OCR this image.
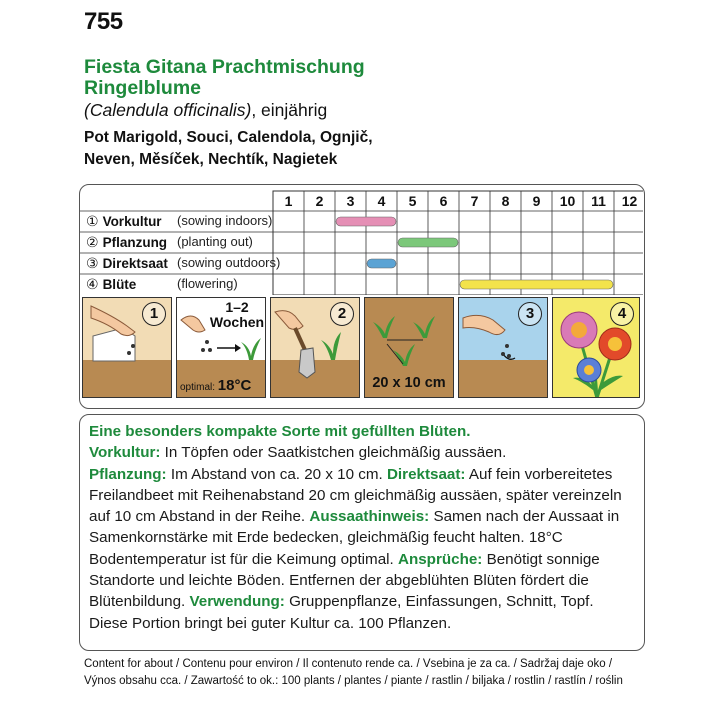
755
Fiesta Gitana Prachtmischung
Ringelblume
(Calendula officinalis), einjährig
Pot Marigold, Souci, Calendola, Ognjič,
Neven, Měsíček, Nechtík, Nagietek
1	2	3	4	5	6	7	8	9	10	11	12
① Vorkultur (sowing indoors)
② Pflanzung (planting out)
③ Direktsaat (sowing outdoors)
④ Blüte	(flowering)
1	1–2
Wochen
optimal: 18°C
2
20 x 10 cm
3	4
Eine besonders kompakte Sorte mit gefüllten Blüten.
Vorkultur: In Töpfen oder Saatkistchen gleichmäßig aussäen.
Pflanzung: Im Abstand von ca. 20 x 10 cm. Direktsaat: Auf fein vorbereitetes Freilandbeet mit Reihenabstand 20 cm gleichmäßig aussäen, später vereinzeln auf 10 cm Abstand in der Reihe. Aussaathinweis: Samen nach der Aussaat in Samenkornstärke mit Erde bedecken, gleichmäßig feucht halten. 18°C Bodentemperatur ist für die Keimung optimal. Ansprüche: Benötigt sonnige Standorte und leichte Böden. Entfernen der abgeblühten Blüten fördert die Blütenbildung. Verwendung: Gruppenpflanze, Einfassungen, Schnitt, Topf. Diese Portion bringt bei guter Kultur ca. 100 Pflanzen.
Content for about / Contenu pour environ / Il contenuto rende ca. / Vsebina je za ca. / Sadržaj daje oko /
Výnos obsahu cca. / Zawartość to ok.: 100 plants / plantes / piante / rastlin / biljaka / rostlin / rastlín / roślin
